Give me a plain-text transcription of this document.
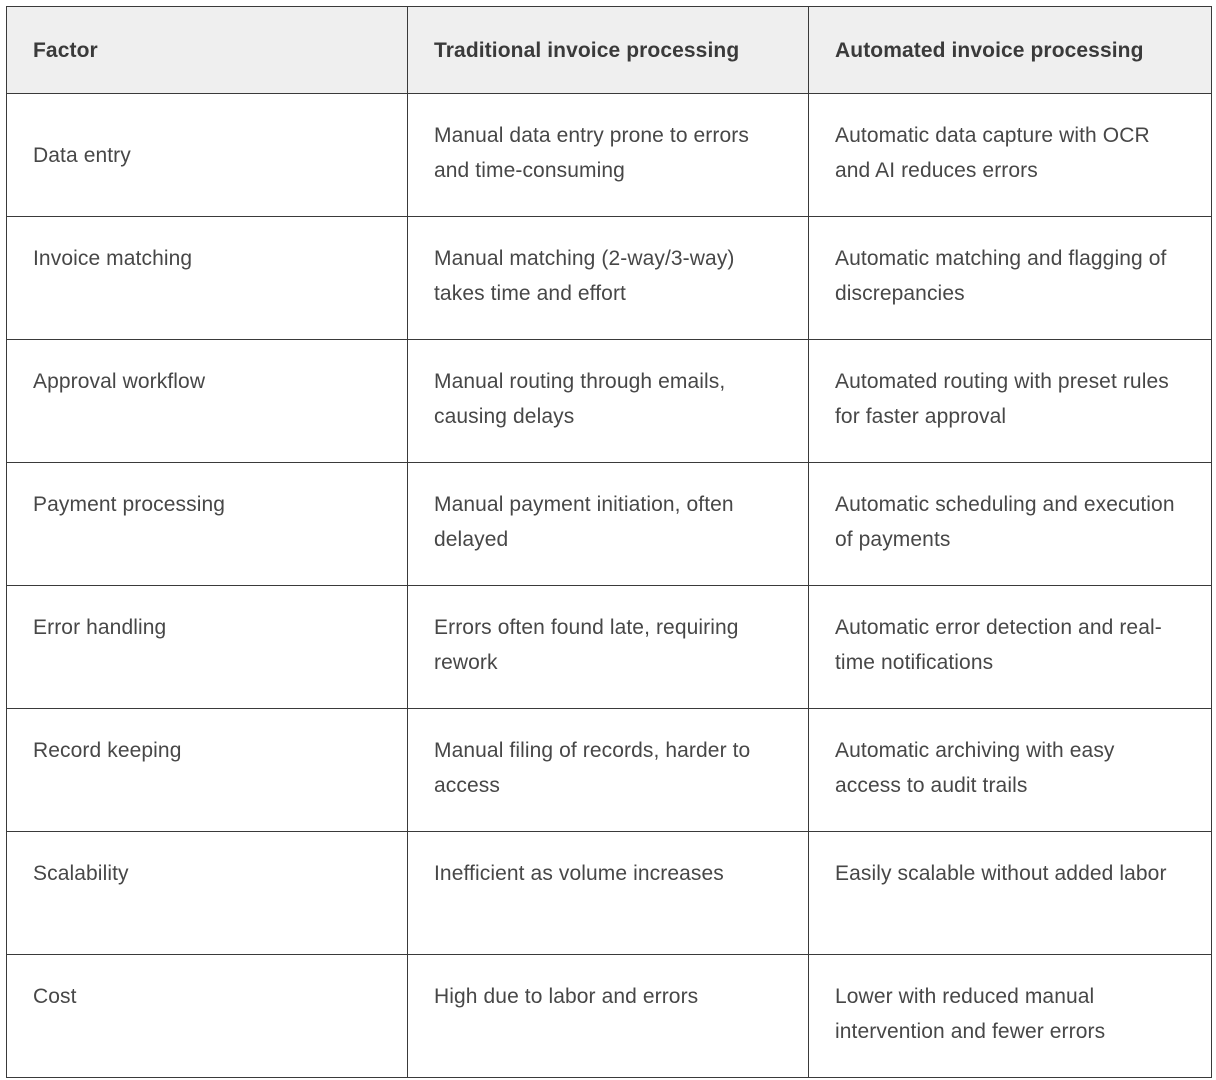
Factor	Traditional invoice processing	Automated invoice processing
Data entry	Manual data entry prone to errors and time-consuming	Automatic data capture with OCR and AI reduces errors
Invoice matching	Manual matching (2-way/3-way) takes time and effort	Automatic matching and flagging of discrepancies
Approval workflow	Manual routing through emails, causing delays	Automated routing with preset rules for faster approval
Payment processing	Manual payment initiation, often delayed	Automatic scheduling and execution of payments
Error handling	Errors often found late, requiring rework	Automatic error detection and real-time notifications
Record keeping	Manual filing of records, harder to access	Automatic archiving with easy access to audit trails
Scalability	Inefficient as volume increases	Easily scalable without added labor
Cost	High due to labor and errors	Lower with reduced manual intervention and fewer errors
